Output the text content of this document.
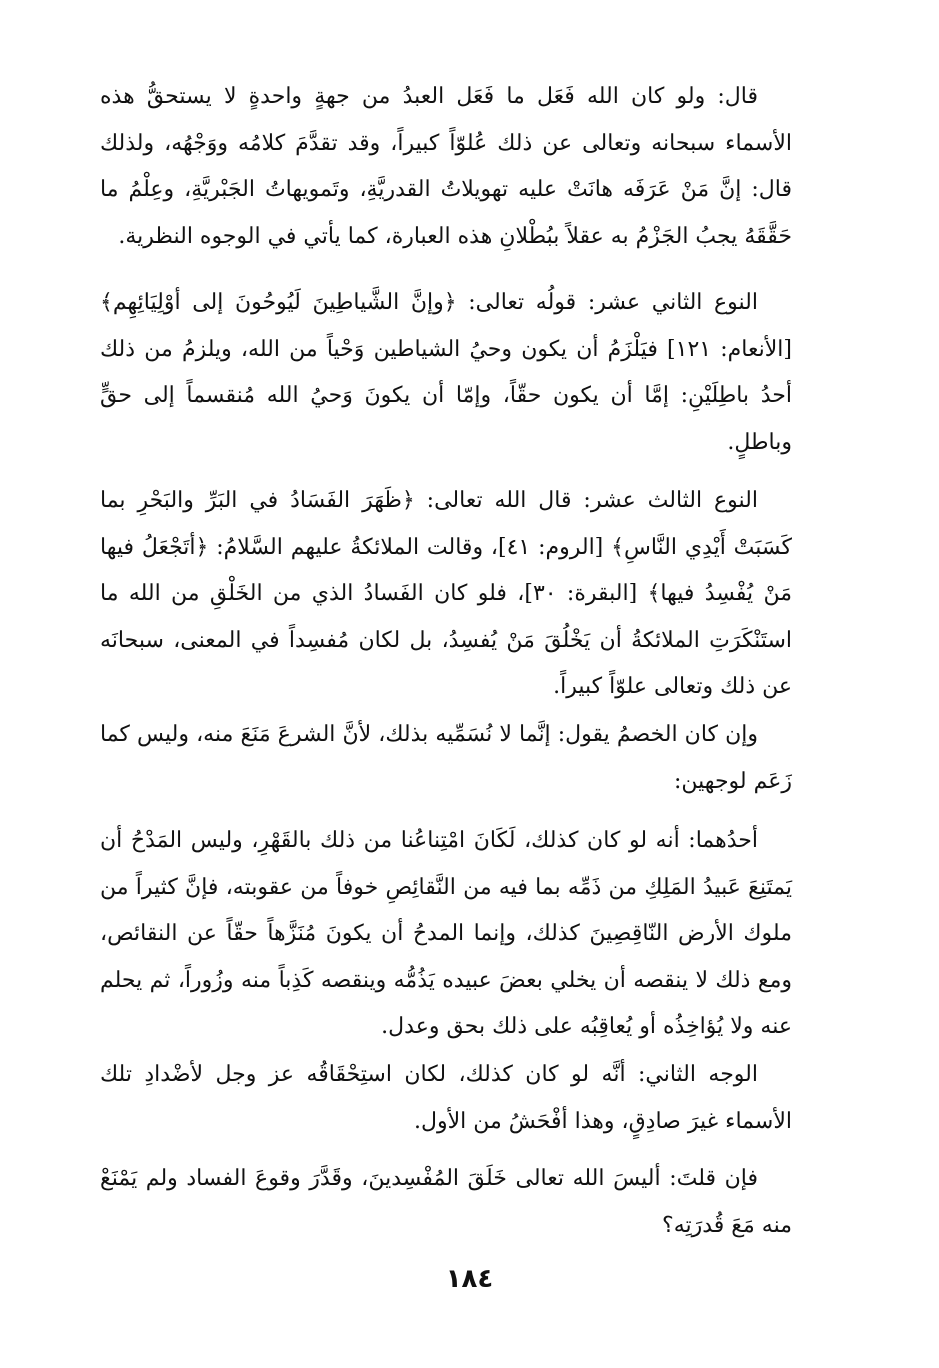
قال: ولو كان الله فَعَل ما فَعَل العبدُ من جهةٍ واحدةٍ لا يستحقُّ هذه الأسماء سبحانه وتعالى عن ذلك عُلوّاً كبيراً، وقد تقدَّمَ كلامُه ووَجْهُه، ولذلك قال: إنَّ مَنْ عَرَفَه هانَتْ عليه تهويلاتُ القدريَّةِ، وتَمويهاتُ الجَبْريَّةِ، وعِلْمُ ما حَقَّقَهُ يجبُ الجَزْمُ به عقلاً ببُطْلانِ هذه العبارة، كما يأتي في الوجوه النظرية.

النوع الثاني عشر: قولُه تعالى: ﴿وإنَّ الشَّياطِينَ لَيُوحُونَ إلى أوْلِيَائِهِم﴾ [الأنعام: ١٢١] فيَلْزَمُ أن يكون وحيُ الشياطين وَحْياً من الله، ويلزمُ من ذلك أحدُ باطِلَيْنِ: إمَّا أن يكون حقّاً، وإمّا أن يكونَ وَحيُ الله مُنقسماً إلى حقٍّ وباطلٍ.

النوع الثالث عشر: قال الله تعالى: ﴿ظَهَرَ الفَسَادُ في البَرِّ والبَحْرِ بما كَسَبَتْ أَيْدِي النَّاسِ﴾ [الروم: ٤١]، وقالت الملائكةُ عليهم السَّلامُ: ﴿أتَجْعَلُ فيها مَنْ يُفْسِدُ فيها﴾ [البقرة: ٣٠]، فلو كان الفَسادُ الذي من الخَلْقِ من الله ما استَنْكَرَتِ الملائكةُ أن يَخْلُقَ مَنْ يُفسِدُ، بل لكان مُفسِداً في المعنى، سبحانَه عن ذلك وتعالى علوّاً كبيراً.

وإن كان الخصمُ يقول: إنَّما لا نُسَمِّيه بذلك، لأنَّ الشرعَ مَنَعَ منه، وليس كما زَعَم لوجهين:

أحدُهما: أنه لو كان كذلك، لَكَانَ امْتِناعُنا من ذلك بالقَهْرِ، وليس المَدْحُ أن يَمتَنِعَ عَبيدُ المَلِكِ من ذَمِّه بما فيه من النَّقائِصِ خوفاً من عقوبته، فإنَّ كثيراً من ملوك الأرض النّاقِصِينَ كذلك، وإنما المدحُ أن يكونَ مُنَزَّهاً حقّاً عن النقائص، ومع ذلك لا ينقصه أن يخلي بعضَ عبيده يَذُمُّه وينقصه كَذِباً منه وزُوراً، ثم يحلم عنه ولا يُؤاخِذُه أو يُعاقِبُه على ذلك بحق وعدل.

الوجه الثاني: أنَّه لو كان كذلك، لكان استِحْقَاقُه عز وجل لأضْدادِ تلك الأسماء غيرَ صادِقٍ، وهذا أفْحَشُ من الأول.

فإن قلتَ: أليسَ الله تعالى خَلَقَ المُفْسِدينَ، وقَدَّرَ وقوعَ الفساد ولم يَمْنَعْ منه مَعَ قُدرَتِه؟

١٨٤
